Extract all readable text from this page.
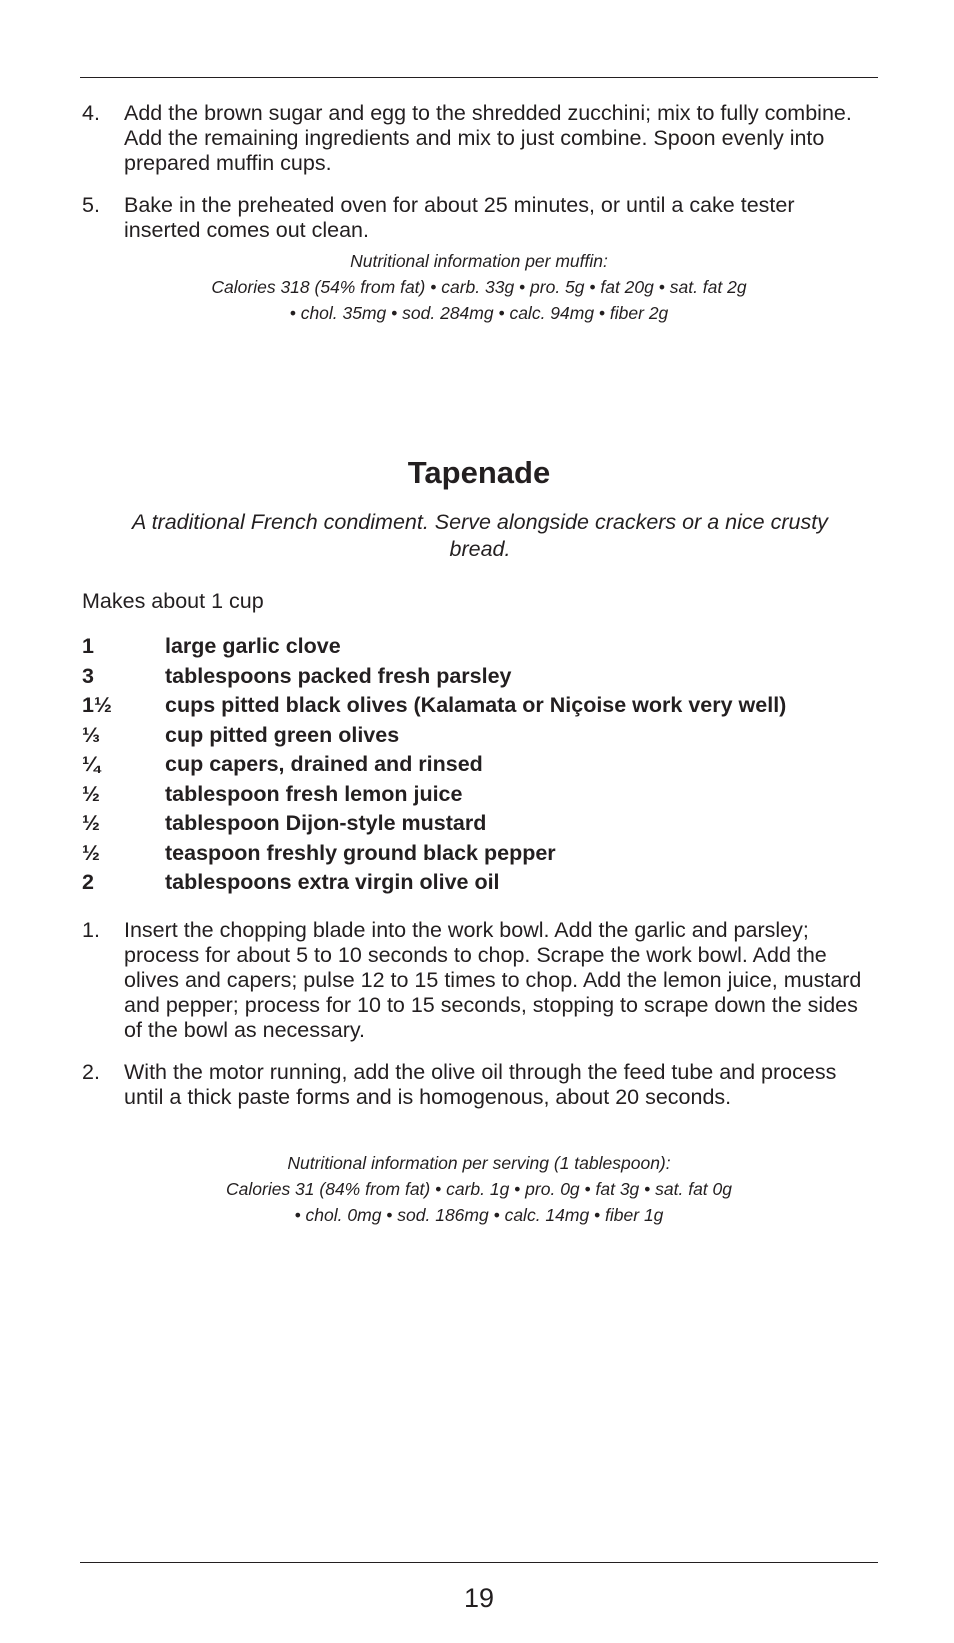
4. Add the brown sugar and egg to the shredded zucchini; mix to fully combine. Add the remaining ingredients and mix to just combine. Spoon evenly into prepared muffin cups.
5. Bake in the preheated oven for about 25 minutes, or until a cake tester inserted comes out clean.
Nutritional information per muffin:
Calories 318 (54% from fat) • carb. 33g • pro. 5g • fat 20g • sat. fat 2g
• chol. 35mg • sod. 284mg • calc. 94mg • fiber 2g
Tapenade

A traditional French condiment. Serve alongside crackers or a nice crusty bread.

Makes about 1 cup

1	large garlic clove
3	tablespoons packed fresh parsley
1½ cups pitted black olives (Kalamata or Niçoise work very well)
⅓	cup pitted green olives
¼	cup capers, drained and rinsed
½	tablespoon fresh lemon juice
½	tablespoon Dijon-style mustard
½	teaspoon freshly ground black pepper
2	tablespoons extra virgin olive oil
1. Insert the chopping blade into the work bowl. Add the garlic and parsley; process for about 5 to 10 seconds to chop. Scrape the work bowl. Add the olives and capers; pulse 12 to 15 times to chop. Add the lemon juice, mustard and pepper; process for 10 to 15 seconds, stopping to scrape down the sides of the bowl as necessary.
2. With the motor running, add the olive oil through the feed tube and process until a thick paste forms and is homogenous, about 20 seconds.
Nutritional information per serving (1 tablespoon):
Calories 31 (84% from fat) • carb. 1g • pro. 0g • fat 3g • sat. fat 0g
• chol. 0mg • sod. 186mg • calc. 14mg • fiber 1g
19
